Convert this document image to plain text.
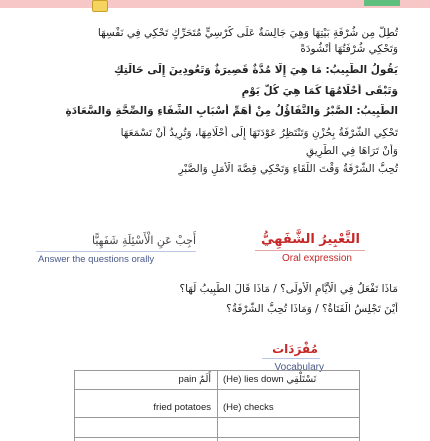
تُطِلُّ مِن شُرْفَةِ بَيْتِهَا وَهِيَ جَالِسَةٌ عَلَى كُرْسِيٍّ مُتَحَرِّكٍ تَحْكِي فِي نَفْسِهَا
وَتَحْكِي شُرْفَتُهَا أَنْشُودَةً
يَقُولُ الطَّبِيبُ: مَا هِيَ إِلَّا مُدَّةٌ قَصِيرَةٌ وَتَعُودِينَ إِلَى حَالَتِكِ
وَتَبْقَى أَحْلَامُهَا كَمَا هِيَ كُلَّ يَوْمٍ
الطَّبِيبُ: الصَّبْرُ وَالتَّفَاؤُلُ مِنْ أَهَمِّ أَسْبَابِ الشِّفَاءِ وَالصِّحَّةِ وَالسَّعَادَةِ
تَحْكِي الشُّرْفَةُ بِحُزْنٍ وَتَنْتَظِرُ عَوْدَتَهَا إِلَى أَحْلَامِهَا، وَتُرِيدُ أَنْ تَسْمَعَهَا
وَأَنْ تَرَاهَا فِي الطَّرِيقِ
تُحِبُّ الشُّرْفَةُ وَقْتَ اللِّقَاءِ وَتَحْكِي قِصَّةَ الْأَمَلِ وَالصَّبْرِ
التَّعْبِيرُ الشَّفَهِيُّ
Oral expression
أَجِبْ عَنِ الْأَسْئِلَةِ شَفَهِيًّا
Answer the questions orally
مَاذَا تَفْعَلُ فِي الْأَيَّامِ الْأُولَى؟ / مَاذَا قَالَ الطَّبِيبُ لَهَا؟
أَيْنَ تَجْلِسُ الْفَتَاةُ؟ / وَمَاذَا تُحِبُّ الشُّرْفَةُ؟
مُفْرَدَات
Vocabulary
pain أَلَمٌ (He) lies down تَسْتَلْقِي
fried potatoes (He) checks
